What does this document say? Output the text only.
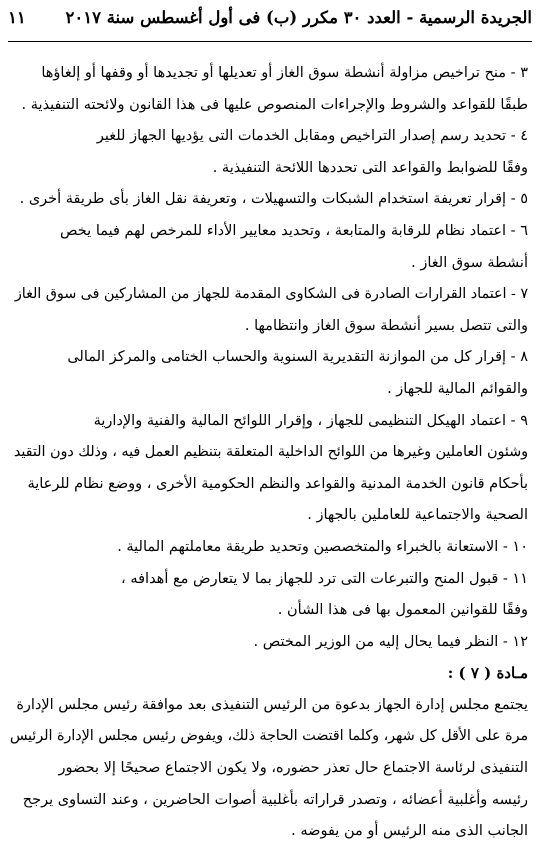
الجريدة الرسمية - العدد ٣٠ مكرر (ب) فى أول أغسطس سنة ٢٠١٧
١١
٣ - منح تراخيص مزاولة أنشطة سوق الغاز أو تعديلها أو تجديدها أو وقفها أو إلغاؤها
طبقًا للقواعد والشروط والإجراءات المنصوص عليها فى هذا القانون ولائحته التنفيذية .
٤ - تحديد رسم إصدار التراخيص ومقابل الخدمات التى يؤديها الجهاز للغير
وفقًا للضوابط والقواعد التى تحددها اللائحة التنفيذية .
٥ - إقرار تعريفة استخدام الشبكات والتسهيلات ، وتعريفة نقل الغاز بأى طريقة أخرى .
٦ - اعتماد نظام للرقابة والمتابعة ، وتحديد معايير الأداء للمرخص لهم فيما يخص
أنشطة سوق الغاز .
٧ - اعتماد القرارات الصادرة فى الشكاوى المقدمة للجهاز من المشاركين فى سوق الغاز
والتى تتصل بسير أنشطة سوق الغاز وانتظامها .
٨ - إقرار كل من الموازنة التقديرية السنوية والحساب الختامى والمركز المالى
والقوائم المالية للجهاز .
٩ - اعتماد الهيكل التنظيمى للجهاز ، وإقرار اللوائح المالية والفنية والإدارية
وشئون العاملين وغيرها من اللوائح الداخلية المتعلقة بتنظيم العمل فيه ، وذلك دون التقيد
بأحكام قانون الخدمة المدنية والقواعد والنظم الحكومية الأخرى ، ووضع نظام للرعاية
الصحية والاجتماعية للعاملين بالجهاز .
١٠ - الاستعانة بالخبراء والمتخصصين وتحديد طريقة معاملتهم المالية .
١١ - قبول المنح والتبرعات التى ترد للجهاز بما لا يتعارض مع أهدافه ،
وفقًا للقوانين المعمول بها فى هذا الشأن .
١٢ - النظر فيما يحال إليه من الوزير المختص .
مـادة ( ٧ ) :
يجتمع مجلس إدارة الجهاز بدعوة من الرئيس التنفيذى بعد موافقة رئيس مجلس الإدارة
مرة على الأقل كل شهر، وكلما اقتضت الحاجة ذلك، ويفوض رئيس مجلس الإدارة الرئيس
التنفيذى لرئاسة الاجتماع حال تعذر حضوره، ولا يكون الاجتماع صحيحًا إلا بحضور
رئيسه وأغلبية أعضائه ، وتصدر قراراته بأغلبية أصوات الحاضرين ، وعند التساوى يرجح
الجانب الذى منه الرئيس أو من يفوضه .
